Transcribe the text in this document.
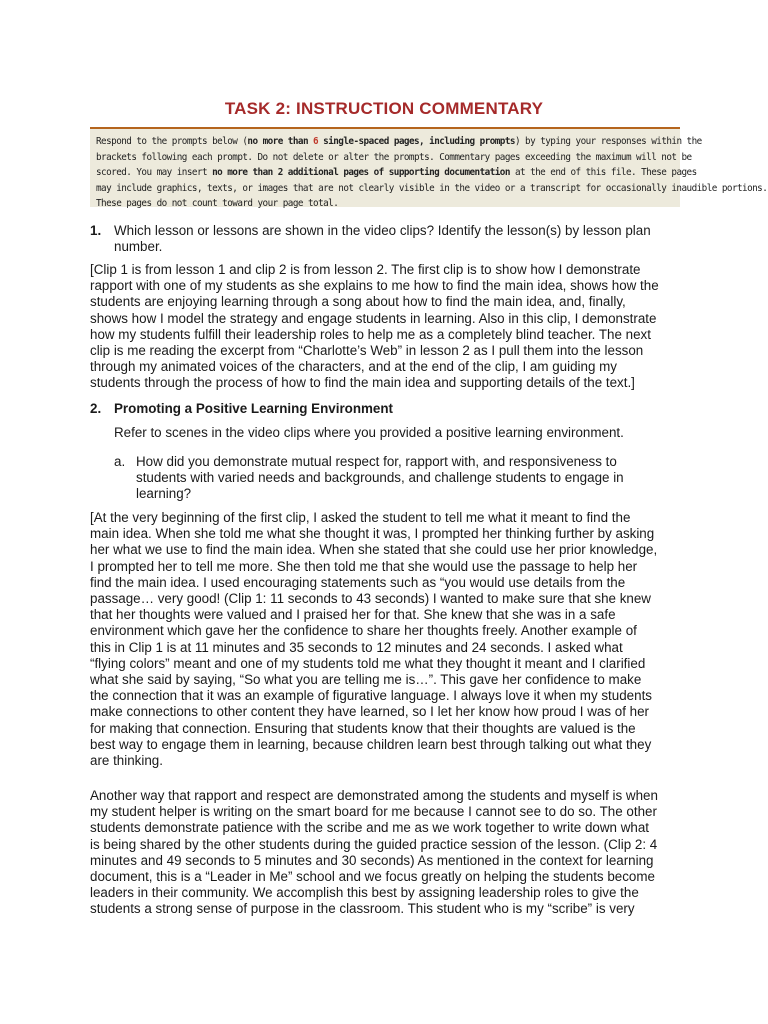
TASK 2: INSTRUCTION COMMENTARY
Respond to the prompts below (no more than 6 single-spaced pages, including prompts) by typing your responses within the
brackets following each prompt. Do not delete or alter the prompts. Commentary pages exceeding the maximum will not be
scored. You may insert no more than 2 additional pages of supporting documentation at the end of this file. These pages
may include graphics, texts, or images that are not clearly visible in the video or a transcript for occasionally inaudible portions.
These pages do not count toward your page total.
1. Which lesson or lessons are shown in the video clips? Identify the lesson(s) by lesson plan
number.
[Clip 1 is from lesson 1 and clip 2 is from lesson 2. The first clip is to show how I demonstrate
rapport with one of my students as she explains to me how to find the main idea, shows how the
students are enjoying learning through a song about how to find the main idea, and, finally,
shows how I model the strategy and engage students in learning. Also in this clip, I demonstrate
how my students fulfill their leadership roles to help me as a completely blind teacher. The next
clip is me reading the excerpt from “Charlotte’s Web” in lesson 2 as I pull them into the lesson
through my animated voices of the characters, and at the end of the clip, I am guiding my
students through the process of how to find the main idea and supporting details of the text.]
2. Promoting a Positive Learning Environment
Refer to scenes in the video clips where you provided a positive learning environment.
a. How did you demonstrate mutual respect for, rapport with, and responsiveness to
students with varied needs and backgrounds, and challenge students to engage in
learning?
[At the very beginning of the first clip, I asked the student to tell me what it meant to find the
main idea. When she told me what she thought it was, I prompted her thinking further by asking
her what we use to find the main idea. When she stated that she could use her prior knowledge,
I prompted her to tell me more. She then told me that she would use the passage to help her
find the main idea. I used encouraging statements such as “you would use details from the
passage… very good! (Clip 1: 11 seconds to 43 seconds) I wanted to make sure that she knew
that her thoughts were valued and I praised her for that. She knew that she was in a safe
environment which gave her the confidence to share her thoughts freely. Another example of
this in Clip 1 is at 11 minutes and 35 seconds to 12 minutes and 24 seconds. I asked what
“flying colors” meant and one of my students told me what they thought it meant and I clarified
what she said by saying, “So what you are telling me is…”. This gave her confidence to make
the connection that it was an example of figurative language. I always love it when my students
make connections to other content they have learned, so I let her know how proud I was of her
for making that connection. Ensuring that students know that their thoughts are valued is the
best way to engage them in learning, because children learn best through talking out what they
are thinking.
Another way that rapport and respect are demonstrated among the students and myself is when
my student helper is writing on the smart board for me because I cannot see to do so. The other
students demonstrate patience with the scribe and me as we work together to write down what
is being shared by the other students during the guided practice session of the lesson. (Clip 2: 4
minutes and 49 seconds to 5 minutes and 30 seconds) As mentioned in the context for learning
document, this is a “Leader in Me” school and we focus greatly on helping the students become
leaders in their community. We accomplish this best by assigning leadership roles to give the
students a strong sense of purpose in the classroom. This student who is my “scribe” is very
